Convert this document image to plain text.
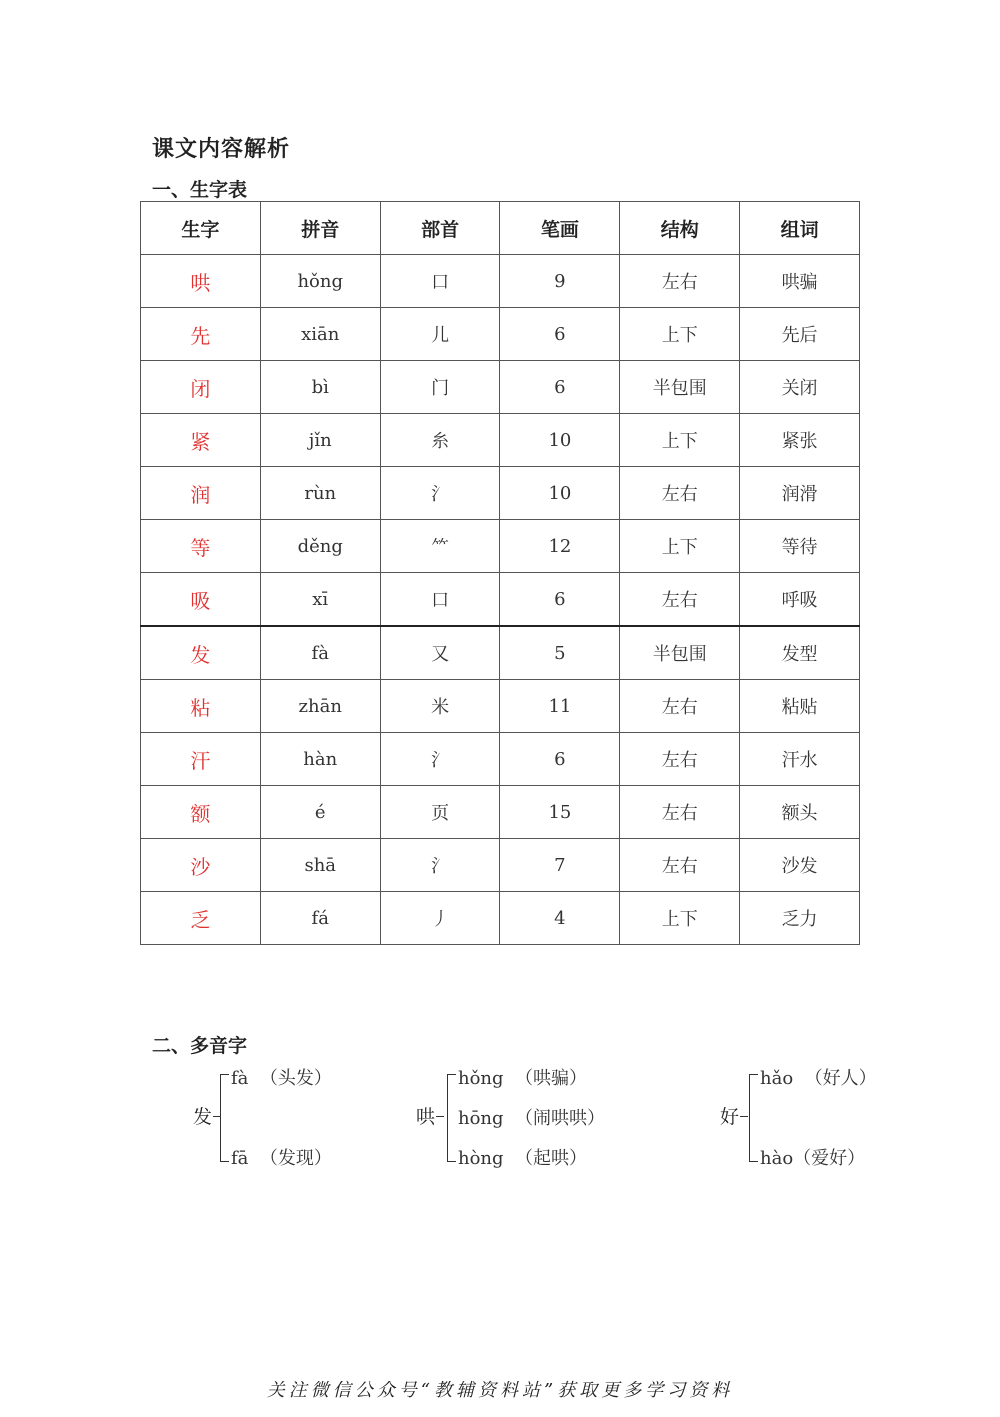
课文内容解析
一、生字表
生字	拼音	部首	笔画	结构	组词
哄	hǒng	口	9	左右	哄骗
先	xiān	儿	6	上下	先后
闭	bì	门	6	半包围	关闭
紧	jǐn	糸	10	上下	紧张
润	rùn	氵	10	左右	润滑
等	děng	⺮	12	上下	等待
吸	xī	口	6	左右	呼吸
发	fà	又	5	半包围	发型
粘	zhān	米	11	左右	粘贴
汗	hàn	氵	6	左右	汗水
额	é	页	15	左右	额头
沙	shā	氵	7	左右	沙发
乏	fá	丿	4	上下	乏力
二、多音字
发
fà  （头发）
fā  （发现）
哄
hǒng  （哄骗）
hōng  （闹哄哄）
hòng  （起哄）
好
hǎo  （好人）
hào（爱好）
关注微信公众号“教辅资料站”获取更多学习资料
